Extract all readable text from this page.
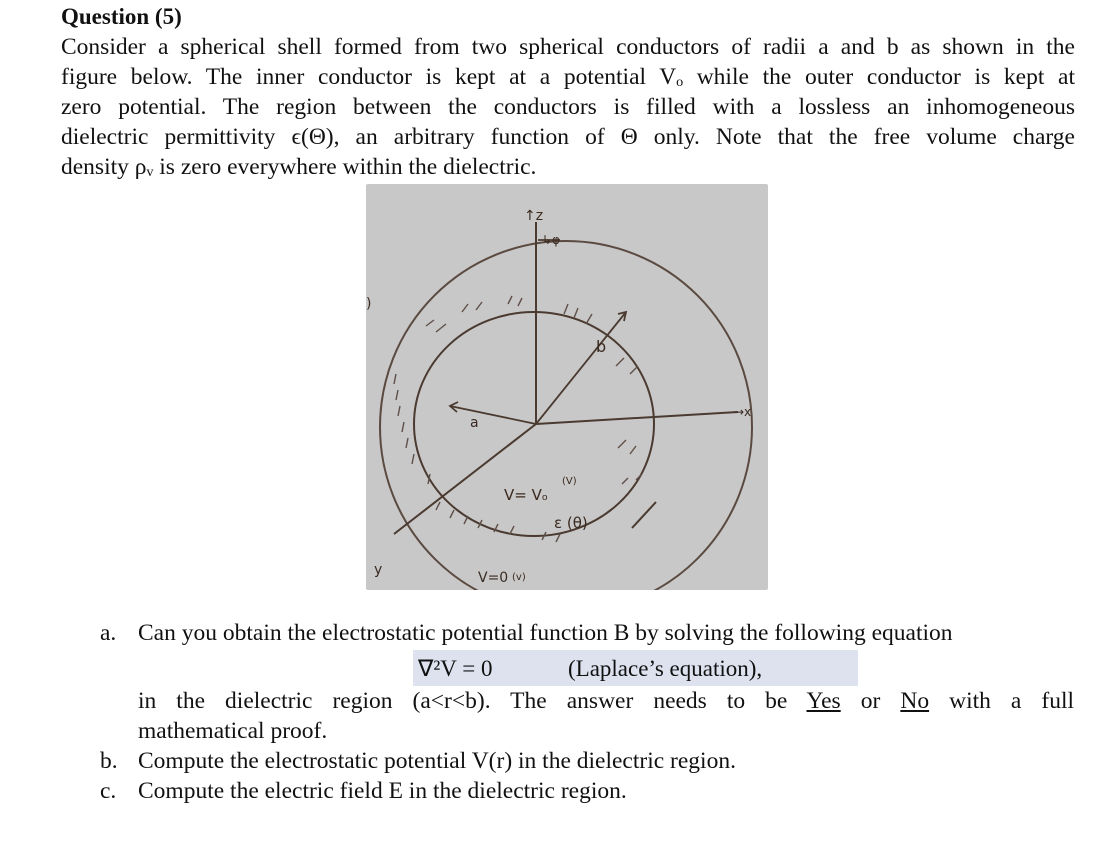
Question (5)
Consider a spherical shell formed from two spherical conductors of radii a and b as shown in the
figure below. The inner conductor is kept at a potential Vₒ while the outer conductor is kept at
zero potential. The region between the conductors is filled with a lossless an inhomogeneous
dielectric permittivity ϵ(Θ), an arbitrary function of Θ only. Note that the free volume charge
density ρᵥ is zero everywhere within the dielectric.
↑z
↳φ
b
a
→x
y
V= Vₒ
(V)
ε (θ)
V=0 (v)
)
a. Can you obtain the electrostatic potential function B by solving the following equation
∇²V = 0	(Laplace’s equation),
in the dielectric region (a<r<b). The answer needs to be Yes or No with a full
mathematical proof.
b. Compute the electrostatic potential V(r) in the dielectric region.
c. Compute the electric field E in the dielectric region.
